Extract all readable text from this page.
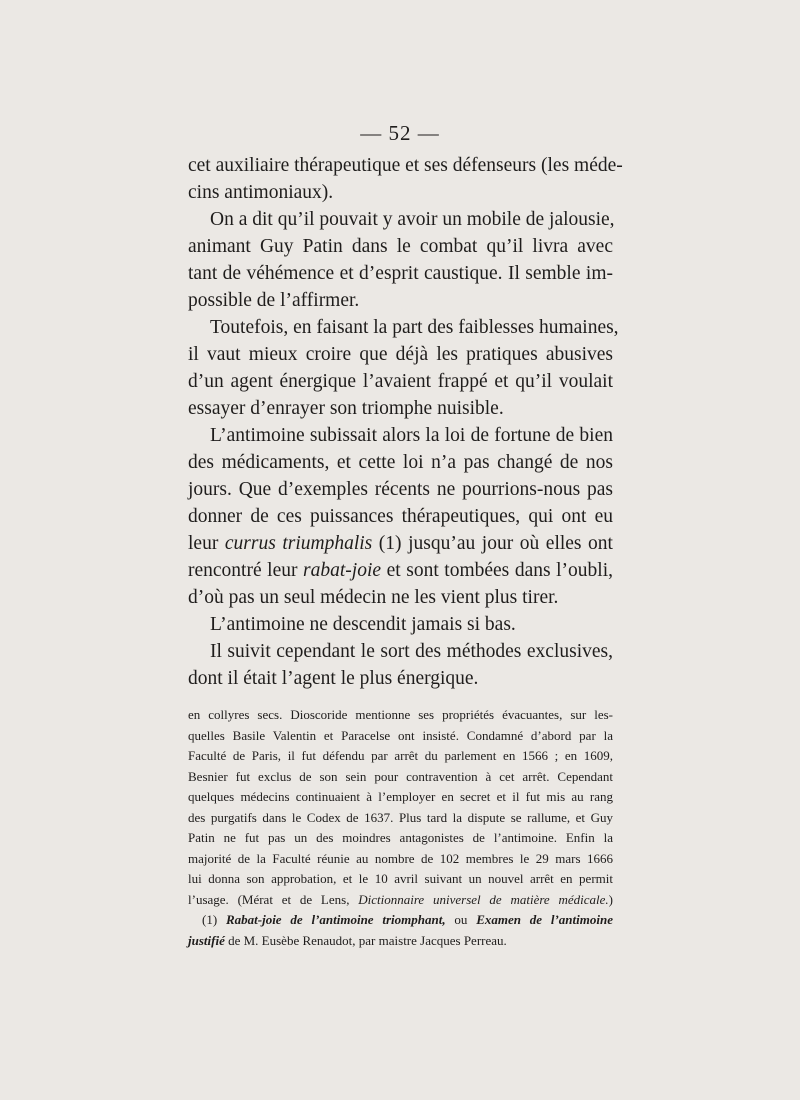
— 52 —
cet auxiliaire thérapeutique et ses défenseurs (les méde-
cins antimoniaux).
On a dit qu’il pouvait y avoir un mobile de jalousie,
animant Guy Patin dans le combat qu’il livra avec
tant de véhémence et d’esprit caustique. Il semble im-
possible de l’affirmer.
Toutefois, en faisant la part des faiblesses humaines,
il vaut mieux croire que déjà les pratiques abusives
d’un agent énergique l’avaient frappé et qu’il voulait
essayer d’enrayer son triomphe nuisible.
L’antimoine subissait alors la loi de fortune de bien
des médicaments, et cette loi n’a pas changé de nos
jours. Que d’exemples récents ne pourrions-nous pas
donner de ces puissances thérapeutiques, qui ont eu
leur currus triumphalis (1) jusqu’au jour où elles ont
rencontré leur rabat-joie et sont tombées dans l’oubli,
d’où pas un seul médecin ne les vient plus tirer.
L’antimoine ne descendit jamais si bas.
Il suivit cependant le sort des méthodes exclusives,
dont il était l’agent le plus énergique.
en collyres secs. Dioscoride mentionne ses propriétés évacuantes, sur les-
quelles Basile Valentin et Paracelse ont insisté. Condamné d’abord par la
Faculté de Paris, il fut défendu par arrêt du parlement en 1566 ; en 1609,
Besnier fut exclus de son sein pour contravention à cet arrêt. Cependant
quelques médecins continuaient à l’employer en secret et il fut mis au rang
des purgatifs dans le Codex de 1637. Plus tard la dispute se rallume, et Guy
Patin ne fut pas un des moindres antagonistes de l’antimoine. Enfin la
majorité de la Faculté réunie au nombre de 102 membres le 29 mars 1666
lui donna son approbation, et le 10 avril suivant un nouvel arrêt en permit
l’usage. (Mérat et de Lens, Dictionnaire universel de matière médicale.)
(1) Rabat-joie de l’antimoine triomphant, ou Examen de l’antimoine
justifié de M. Eusèbe Renaudot, par maistre Jacques Perreau.
